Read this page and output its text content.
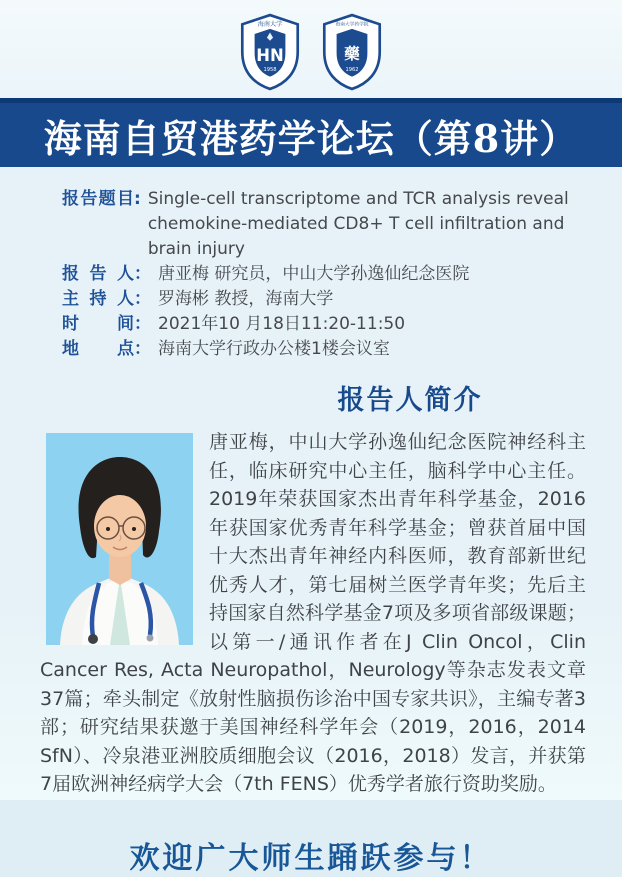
海南大学
HN
1958
海南大学药学院
藥
1962
海南自贸港药学论坛（第8讲）
报告题目 : Single-cell transcriptome and TCR analysis reveal chemokine-mediated CD8+ T cell infiltration and brain injury
报告人 ： 唐亚梅 研究员，中山大学孙逸仙纪念医院
主持人 ： 罗海彬 教授，海南大学
时间 ： 2021年10 月18日11:20-11:50
地点 ： 海南大学行政办公楼1楼会议室
报告人简介
唐亚梅，中山大学孙逸仙纪念医院神经科主任，临床研究中心主任，脑科学中心主任。2019年荣获国家杰出青年科学基金，2016年获国家优秀青年科学基金；曾获首届中国十大杰出青年神经内科医师，教育部新世纪优秀人才，第七届树兰医学青年奖；先后主持国家自然科学基金7项及多项省部级课题；以第一/通讯作者在J Clin Oncol，Clin Cancer Res, Acta Neuropathol，Neurology等杂志发表文章37篇；牵头制定《放射性脑损伤诊治中国专家共识》，主编专著3部；研究结果获邀于美国神经科学年会（2019，2016，2014 SfN）、冷泉港亚洲胶质细胞会议（2016，2018）发言，并获第7届欧洲神经病学大会（7th FENS）优秀学者旅行资助奖励。
欢迎广大师生踊跃参与！
